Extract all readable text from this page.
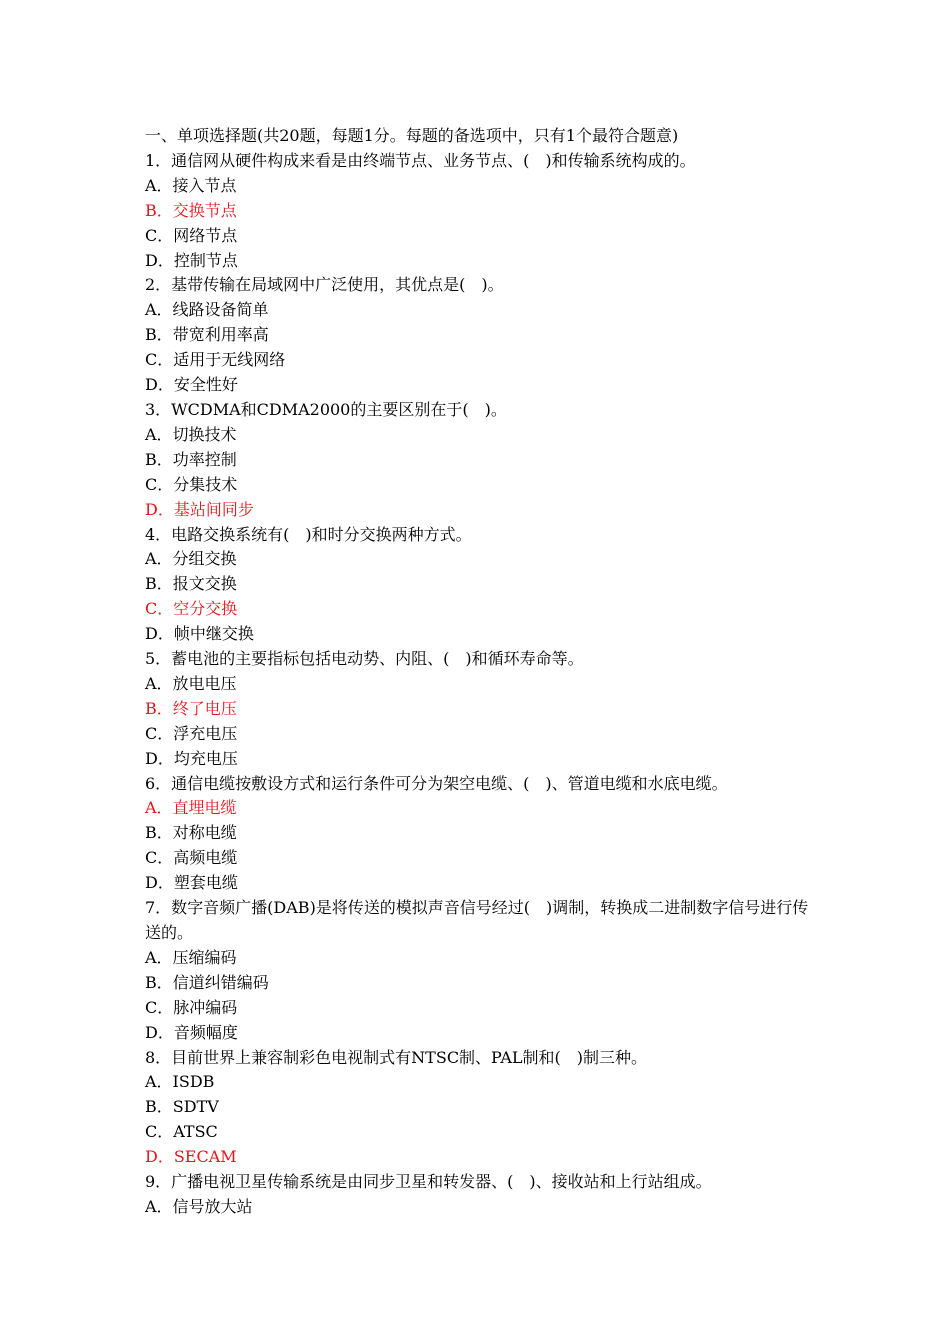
一、单项选择题(共20题，每题1分。每题的备选项中，只有1个最符合题意)
1．通信网从硬件构成来看是由终端节点、业务节点、(　)和传输系统构成的。
A．接入节点
B．交换节点
C．网络节点
D．控制节点
2．基带传输在局域网中广泛使用，其优点是(　)。
A．线路设备简单
B．带宽利用率高
C．适用于无线网络
D．安全性好
3．WCDMA和CDMA2000的主要区别在于(　)。
A．切换技术
B．功率控制
C．分集技术
D．基站间同步
4．电路交换系统有(　)和时分交换两种方式。
A．分组交换
B．报文交换
C．空分交换
D．帧中继交换
5．蓄电池的主要指标包括电动势、内阻、(　)和循环寿命等。
A．放电电压
B．终了电压
C．浮充电压
D．均充电压
6．通信电缆按敷设方式和运行条件可分为架空电缆、(　)、管道电缆和水底电缆。
A．直埋电缆
B．对称电缆
C．高频电缆
D．塑套电缆
7．数字音频广播(DAB)是将传送的模拟声音信号经过(　)调制，转换成二进制数字信号进行传送的。
A．压缩编码
B．信道纠错编码
C．脉冲编码
D．音频幅度
8．目前世界上兼容制彩色电视制式有NTSC制、PAL制和(　)制三种。
A．ISDB
B．SDTV
C．ATSC
D．SECAM
9．广播电视卫星传输系统是由同步卫星和转发器、(　)、接收站和上行站组成。
A．信号放大站
